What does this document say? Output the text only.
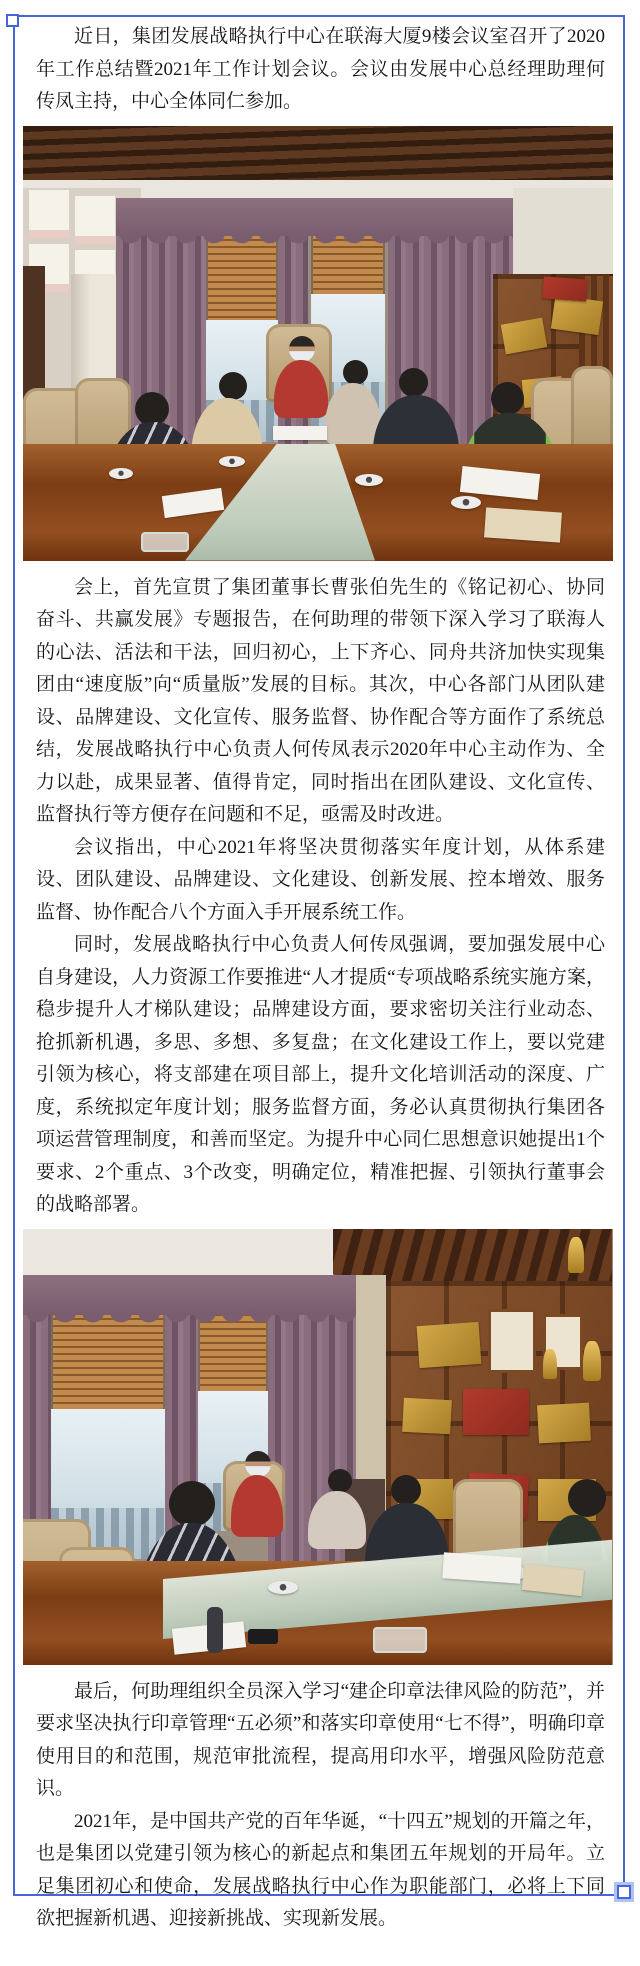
近日，集团发展战略执行中心在联海大厦9楼会议室召开了2020年工作总结暨2021年工作计划会议。会议由发展中心总经理助理何传凤主持，中心全体同仁参加。

会上，首先宣贯了集团董事长曹张伯先生的《铭记初心、协同奋斗、共赢发展》专题报告，在何助理的带领下深入学习了联海人的心法、活法和干法，回归初心，上下齐心、同舟共济加快实现集团由“速度版”向“质量版”发展的目标。其次，中心各部门从团队建设、品牌建设、文化宣传、服务监督、协作配合等方面作了系统总结，发展战略执行中心负责人何传凤表示2020年中心主动作为、全力以赴，成果显著、值得肯定，同时指出在团队建设、文化宣传、监督执行等方便存在问题和不足，亟需及时改进。

会议指出，中心2021年将坚决贯彻落实年度计划，从体系建设、团队建设、品牌建设、文化建设、创新发展、控本增效、服务监督、协作配合八个方面入手开展系统工作。

同时，发展战略执行中心负责人何传凤强调，要加强发展中心自身建设，人力资源工作要推进“人才提质“专项战略系统实施方案，稳步提升人才梯队建设；品牌建设方面，要求密切关注行业动态、抢抓新机遇，多思、多想、多复盘；在文化建设工作上，要以党建引领为核心，将支部建在项目部上，提升文化培训活动的深度、广度，系统拟定年度计划；服务监督方面，务必认真贯彻执行集团各项运营管理制度，和善而坚定。为提升中心同仁思想意识她提出1个要求、2个重点、3个改变，明确定位，精准把握、引领执行董事会的战略部署。

最后，何助理组织全员深入学习“建企印章法律风险的防范”，并要求坚决执行印章管理“五必须”和落实印章使用“七不得”，明确印章使用目的和范围，规范审批流程，提高用印水平，增强风险防范意识。

2021年，是中国共产党的百年华诞，“十四五”规划的开篇之年，也是集团以党建引领为核心的新起点和集团五年规划的开局年。立足集团初心和使命，发展战略执行中心作为职能部门，必将上下同欲把握新机遇、迎接新挑战、实现新发展。
